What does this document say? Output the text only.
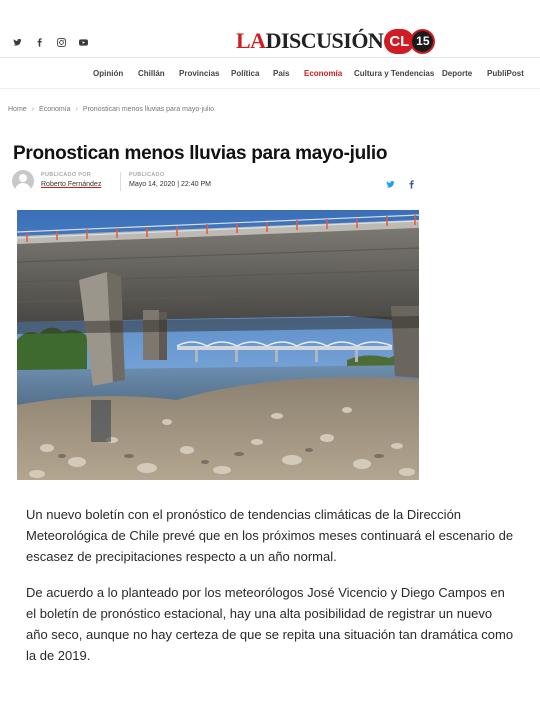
LA DISCUSIÓN CL 15
Opinión Chillán Provincias Política País Economía Cultura y Tendencias Deporte PubliPost
Home › Economía › Pronostican menos lluvias para mayo-julio
Pronostican menos lluvias para mayo-julio
PUBLICADO POR
Roberto Fernández
PUBLICADO
Mayo 14, 2020 | 22:40 PM

Un nuevo boletín con el pronóstico de tendencias climáticas de la Dirección Meteorológica de Chile prevé que en los próximos meses continuará el escenario de escasez de precipitaciones respecto a un año normal.

De acuerdo a lo planteado por los meteorólogos José Vicencio y Diego Campos en el boletín de pronóstico estacional, hay una alta posibilidad de registrar un nuevo año seco, aunque no hay certeza de que se repita una situación tan dramática como la de 2019.
